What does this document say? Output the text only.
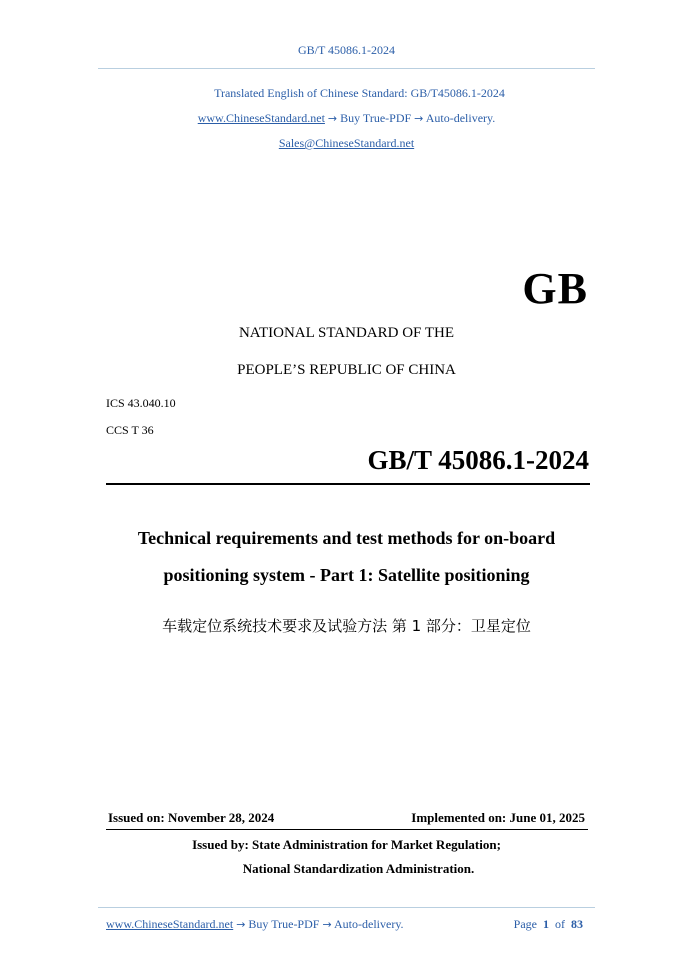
GB/T 45086.1-2024
Translated English of Chinese Standard: GB/T45086.1-2024
www.ChineseStandard.net → Buy True-PDF → Auto-delivery.
Sales@ChineseStandard.net
GB
NATIONAL STANDARD OF THE
PEOPLE’S REPUBLIC OF CHINA
ICS 43.040.10
CCS T 36
GB/T 45086.1-2024
Technical requirements and test methods for on-board
positioning system - Part 1: Satellite positioning
车载定位系统技术要求及试验方法 第 1 部分：卫星定位
Issued on: November 28, 2024	Implemented on: June 01, 2025
Issued by: State Administration for Market Regulation;
National Standardization Administration.
www.ChineseStandard.net → Buy True-PDF → Auto-delivery.	Page 1 of 83
